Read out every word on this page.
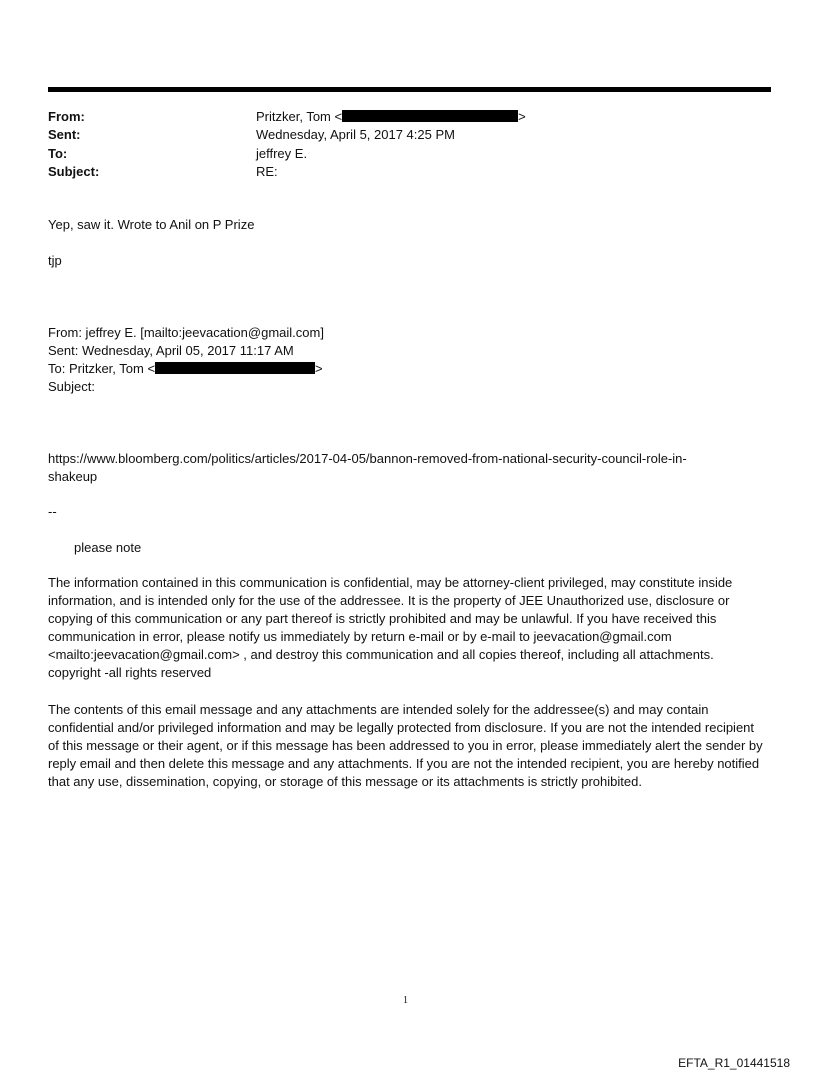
From:	Pritzker, Tom <	>
Sent:	Wednesday, April 5, 2017 4:25 PM
To:	jeffrey E.
Subject:	RE:
Yep, saw it. Wrote to Anil on P Prize
tjp
From: jeffrey E. [mailto:jeevacation@gmail.com]
Sent: Wednesday, April 05, 2017 11:17 AM
To: Pritzker, Tom <	>
Subject:
https://www.bloomberg.com/politics/articles/2017-04-05/bannon-removed-from-national-security-council-role-in-
shakeup
--
please note
The information contained in this communication is confidential, may be attorney-client privileged, may constitute inside information, and is intended only for the use of the addressee. It is the property of JEE Unauthorized use, disclosure or copying of this communication or any part thereof is strictly prohibited and may be unlawful. If you have received this communication in error, please notify us immediately by return e-mail or by e-mail to jeevacation@gmail.com <mailto:jeevacation@gmail.com> , and destroy this communication and all copies thereof, including all attachments. copyright -all rights reserved
The contents of this email message and any attachments are intended solely for the addressee(s) and may contain confidential and/or privileged information and may be legally protected from disclosure. If you are not the intended recipient of this message or their agent, or if this message has been addressed to you in error, please immediately alert the sender by reply email and then delete this message and any attachments. If you are not the intended recipient, you are hereby notified that any use, dissemination, copying, or storage of this message or its attachments is strictly prohibited.
1
EFTA_R1_01441518
